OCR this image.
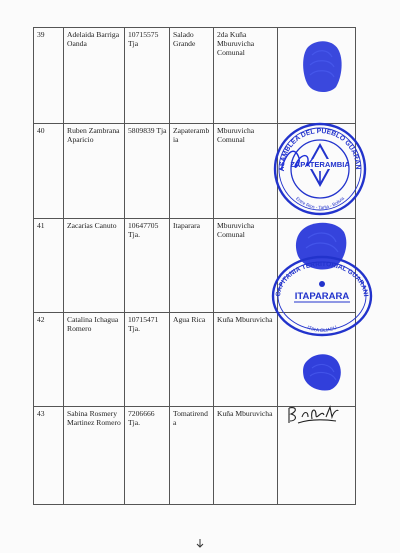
39	Adelaida Barriga Oanda	10715575 Tja	Salado Grande	2da Kuña Mburuvicha Comunal	
40	Ruben Zambrana Aparicio	5809839 Tja	Zapaterambia	Mburuvicha Comunal	
41	Zacarías Canuto	10647705 Tja.	Itaparara	Mburuvicha Comunal	
42	Catalina Ichagua Romero	10715471 Tja.	Agua Rica	Kuña Mburuvicha	
43	Sabina Rosmery Martinez Romero	7206666 Tja.	Tomatirenda	Kuña Mburuvicha	
ASAMBLEA DEL PUEBLO GUARAN
Entre Rios - Tarija - Bolivia
ZAPATERAMBIA
CAPITANIA TERRITORIAL GUARANI
ITAPARARA
ITIKA GUASU
